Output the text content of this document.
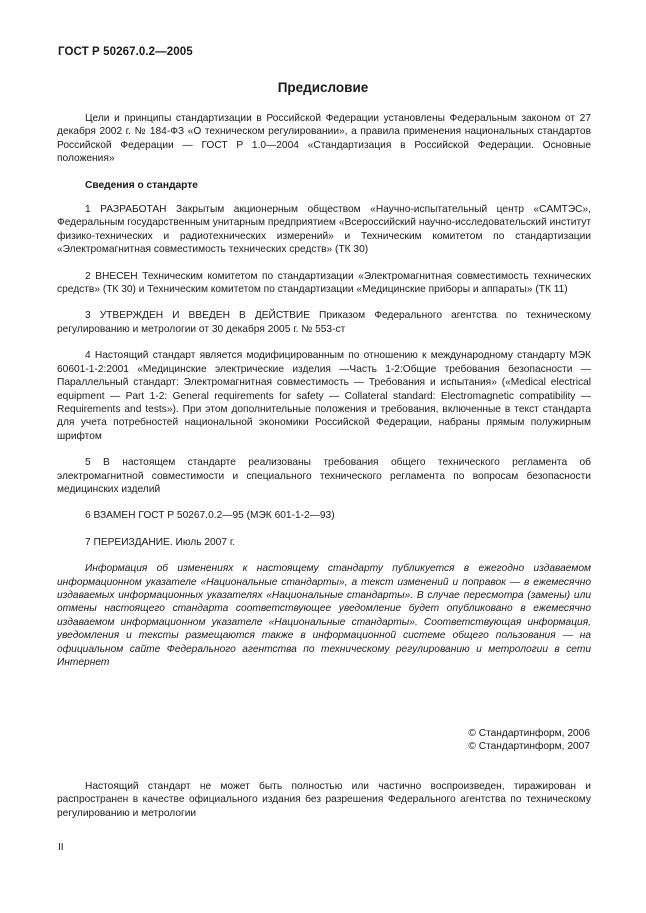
ГОСТ Р 50267.0.2—2005
Предисловие

Цели и принципы стандартизации в Российской Федерации установлены Федеральным законом от 27 декабря 2002 г. № 184-ФЗ «О техническом регулировании», а правила применения национальных стандартов Российской Федерации — ГОСТ Р 1.0—2004 «Стандартизация в Российской Федерации. Основные положения»

Сведения о стандарте

1 РАЗРАБОТАН Закрытым акционерным обществом «Научно-испытательный центр «САМТЭС», Федеральным государственным унитарным предприятием «Всероссийский научно-исследовательский институт физико-технических и радиотехнических измерений» и Техническим комитетом по стандартизации «Электромагнитная совместимость технических средств» (ТК 30)

2 ВНЕСЕН Техническим комитетом по стандартизации «Электромагнитная совместимость технических средств» (ТК 30) и Техническим комитетом по стандартизации «Медицинские приборы и аппараты» (ТК 11)

3 УТВЕРЖДЕН И ВВЕДЕН В ДЕЙСТВИЕ Приказом Федерального агентства по техническому регулированию и метрологии от 30 декабря 2005 г. № 553-ст

4 Настоящий стандарт является модифицированным по отношению к международному стандарту МЭК 60601-1-2:2001 «Медицинские электрические изделия —Часть 1-2:Общие требования безопасности — Параллельный стандарт: Электромагнитная совместимость — Требования и испытания» («Medical electrical equipment — Part 1-2: General requirements for safety — Collateral standard: Electromagnetic compatibility —Requirements and tests»). При этом дополнительные положения и требования, включенные в текст стандарта для учета потребностей национальной экономики Российской Федерации, набраны прямым полужирным шрифтом

5 В настоящем стандарте реализованы требования общего технического регламента об электромагнитной совместимости и специального технического регламента по вопросам безопасности медицинских изделий

6 ВЗАМЕН ГОСТ Р 50267.0.2—95 (МЭК 601-1-2—93)

7 ПЕРЕИЗДАНИЕ. Июль 2007 г.

Информация об изменениях к настоящему стандарту публикуется в ежегодно издаваемом информационном указателе «Национальные стандарты», а текст изменений и поправок — в ежемесячно издаваемых информационных указателях «Национальные стандарты». В случае пересмотра (замены) или отмены настоящего стандарта соответствующее уведомление будет опубликовано в ежемесячно издаваемом информационном указателе «Национальные стандарты». Соответствующая информация, уведомления и тексты размещаются также в информационной системе общего пользования — на официальном сайте Федерального агентства по техническому регулированию и метрологии в сети Интернет

© Стандартинформ, 2006
© Стандартинформ, 2007

Настоящий стандарт не может быть полностью или частично воспроизведен, тиражирован и распространен в качестве официального издания без разрешения Федерального агентства по техническому регулированию и метрологии

II
